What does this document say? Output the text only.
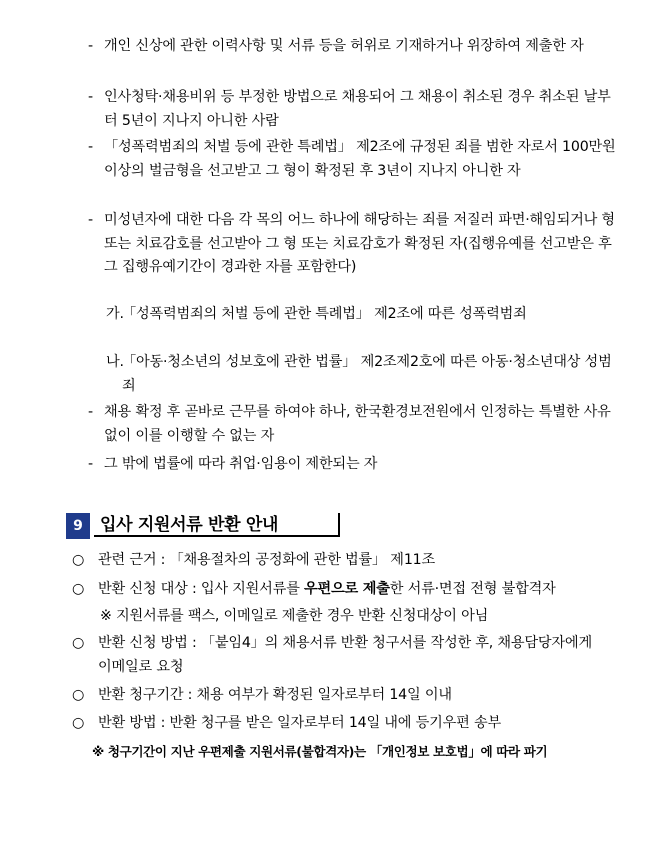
- 개인 신상에 관한 이력사항 및 서류 등을 허위로 기재하거나 위장하여 제출한 자
- 인사청탁·채용비위 등 부정한 방법으로 채용되어 그 채용이 취소된 경우 취소된 날부터 5년이 지나지 아니한 사람
- 「성폭력범죄의 처벌 등에 관한 특례법」 제2조에 규정된 죄를 범한 자로서 100만원 이상의 벌금형을 선고받고 그 형이 확정된 후 3년이 지나지 아니한 자
- 미성년자에 대한 다음 각 목의 어느 하나에 해당하는 죄를 저질러 파면·해임되거나 형 또는 치료감호를 선고받아 그 형 또는 치료감호가 확정된 자(집행유예를 선고받은 후 그 집행유예기간이 경과한 자를 포함한다)
가.
「성폭력범죄의 처벌 등에 관한 특례법」 제2조에 따른 성폭력범죄
나.
「아동·청소년의 성보호에 관한 법률」 제2조제2호에 따른 아동·청소년대상 성범죄
- 채용 확정 후 곧바로 근무를 하여야 하나, 한국환경보전원에서 인정하는 특별한 사유 없이 이를 이행할 수 없는 자
- 그 밖에 법률에 따라 취업·임용이 제한되는 자
9	입사 지원서류 반환 안내
○ 관련 근거 : 「채용절차의 공정화에 관한 법률」 제11조
○ 반환 신청 대상 : 입사 지원서류를 우편으로 제출한 서류·면접 전형 불합격자
※ 지원서류를 팩스, 이메일로 제출한 경우 반환 신청대상이 아님
○ 반환 신청 방법 : 「붙임4」의 채용서류 반환 청구서를 작성한 후, 채용담당자에게 이메일로 요청
○ 반환 청구기간 : 채용 여부가 확정된 일자로부터 14일 이내
○ 반환 방법 : 반환 청구를 받은 일자로부터 14일 내에 등기우편 송부
※ 청구기간이 지난 우편제출 지원서류(불합격자)는 「개인정보 보호법」에 따라 파기
